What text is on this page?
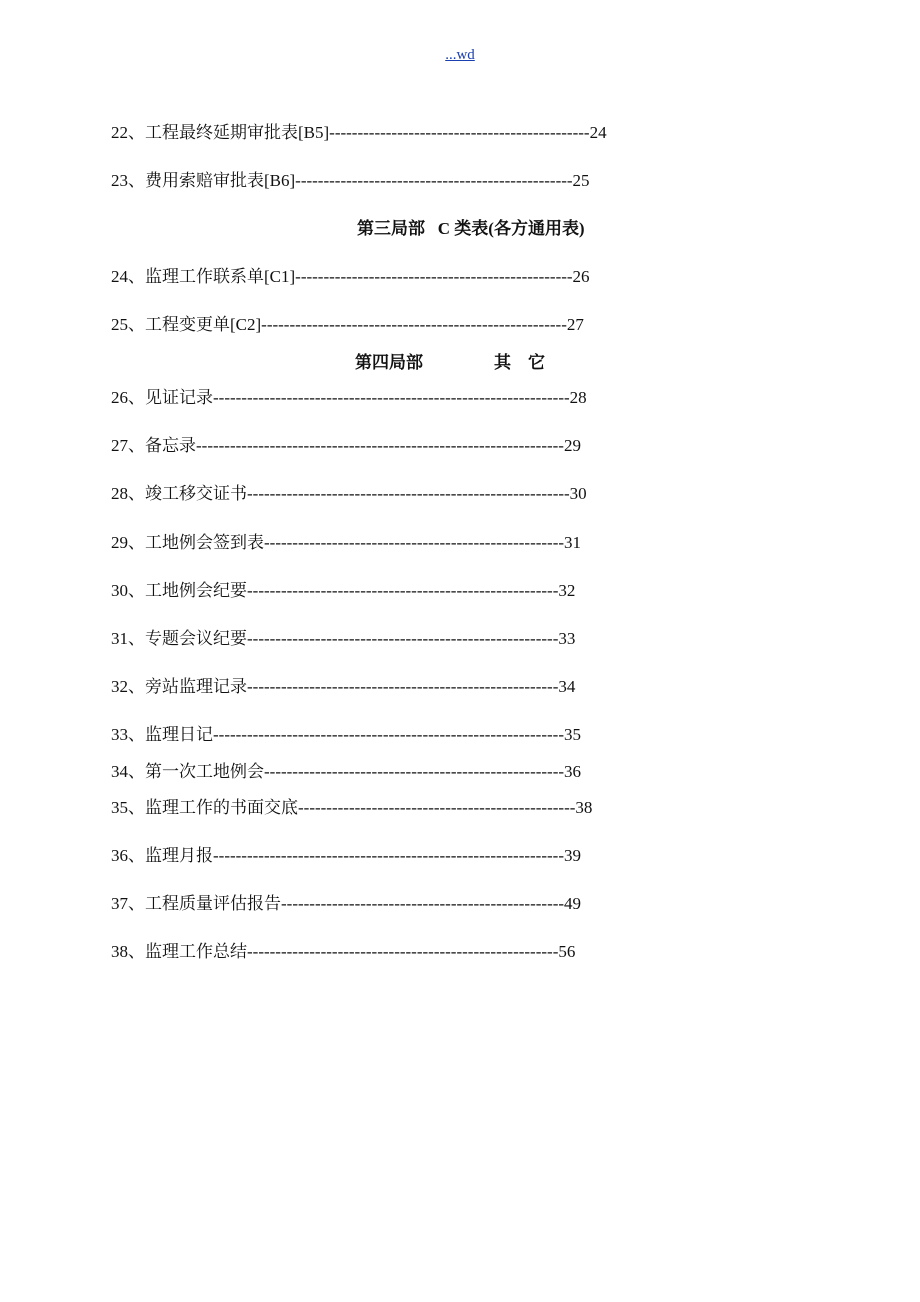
...wd
22、工程最终延期审批表[B5]----------------------------------------------24
23、费用索赔审批表[B6]-------------------------------------------------25
第三局部   C 类表(各方通用表)
24、监理工作联系单[C1]-------------------------------------------------26
25、工程变更单[C2]------------------------------------------------------27
第四局部	其    它
26、见证记录---------------------------------------------------------------28
27、备忘录-----------------------------------------------------------------29
28、竣工移交证书---------------------------------------------------------30
29、工地例会签到表-----------------------------------------------------31
30、工地例会纪要-------------------------------------------------------32
31、专题会议纪要-------------------------------------------------------33
32、旁站监理记录-------------------------------------------------------34
33、监理日记--------------------------------------------------------------35
34、第一次工地例会-----------------------------------------------------36
35、监理工作的书面交底-------------------------------------------------38
36、监理月报--------------------------------------------------------------39
37、工程质量评估报告--------------------------------------------------49
38、监理工作总结-------------------------------------------------------56
